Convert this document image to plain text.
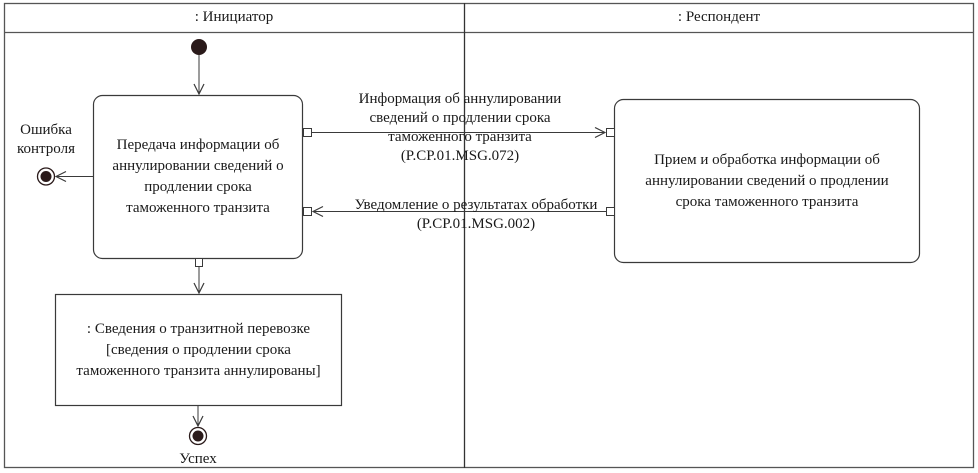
: Инициатор	: Респондент
Передача информации об
аннулировании сведений о
продлении срока
таможенного транзита
Прием и обработка информации об
аннулировании сведений о продлении
срока таможенного транзита
: Сведения о транзитной перевозке
[сведения о продлении срока
таможенного транзита аннулированы]
Информация об аннулировании
сведений о продлении срока
таможенного транзита
(P.CP.01.MSG.072)
Уведомление о результатах обработки
(P.CP.01.MSG.002)
Ошибка
контроля
Успех
